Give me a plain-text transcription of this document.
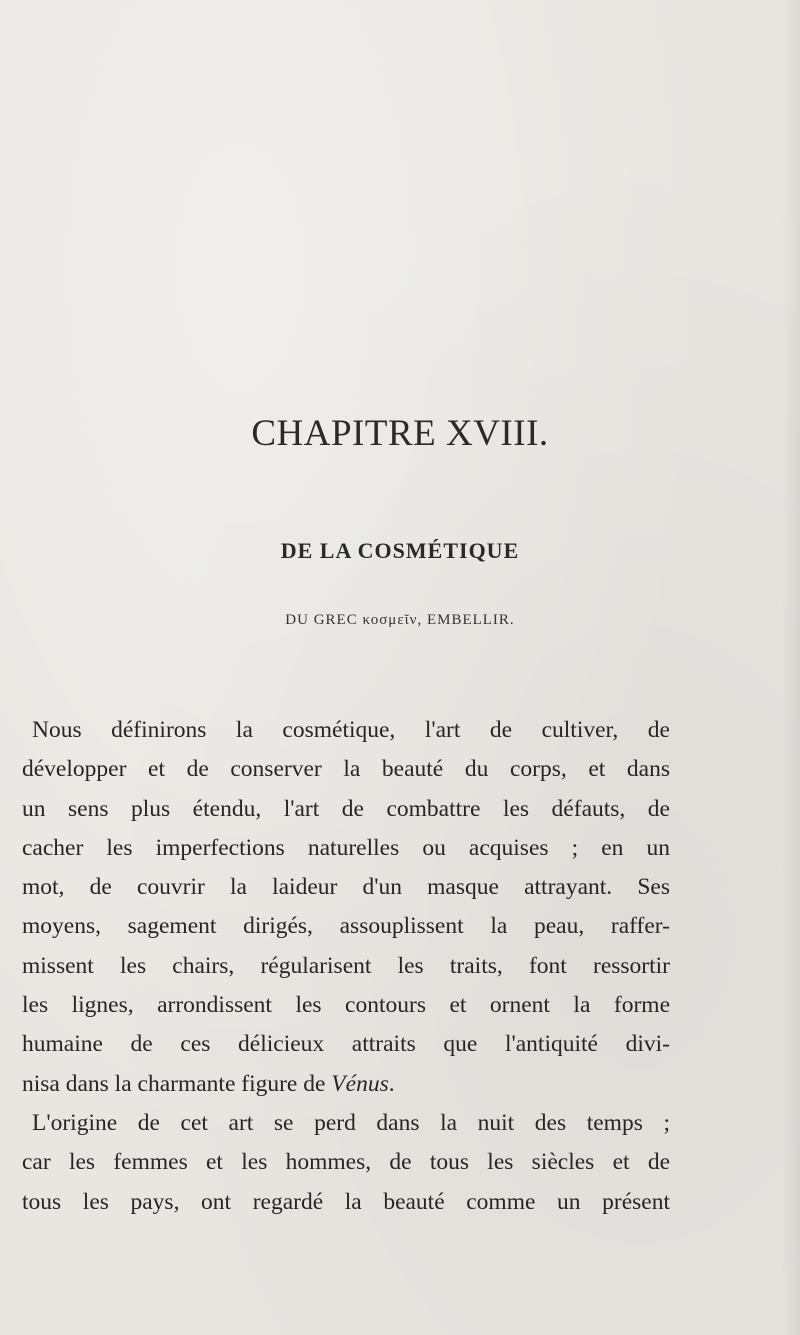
CHAPITRE XVIII.
DE LA COSMÉTIQUE
DU GREC κοσμεῖν, EMBELLIR.
Nous définirons la cosmétique, l'art de cultiver, de
développer et de conserver la beauté du corps, et dans
un sens plus étendu, l'art de combattre les défauts, de
cacher les imperfections naturelles ou acquises ; en un
mot, de couvrir la laideur d'un masque attrayant. Ses
moyens, sagement dirigés, assouplissent la peau, raffer-
missent les chairs, régularisent les traits, font ressortir
les lignes, arrondissent les contours et ornent la forme
humaine de ces délicieux attraits que l'antiquité divi-
nisa dans la charmante figure de Vénus.
L'origine de cet art se perd dans la nuit des temps ;
car les femmes et les hommes, de tous les siècles et de
tous les pays, ont regardé la beauté comme un présent
